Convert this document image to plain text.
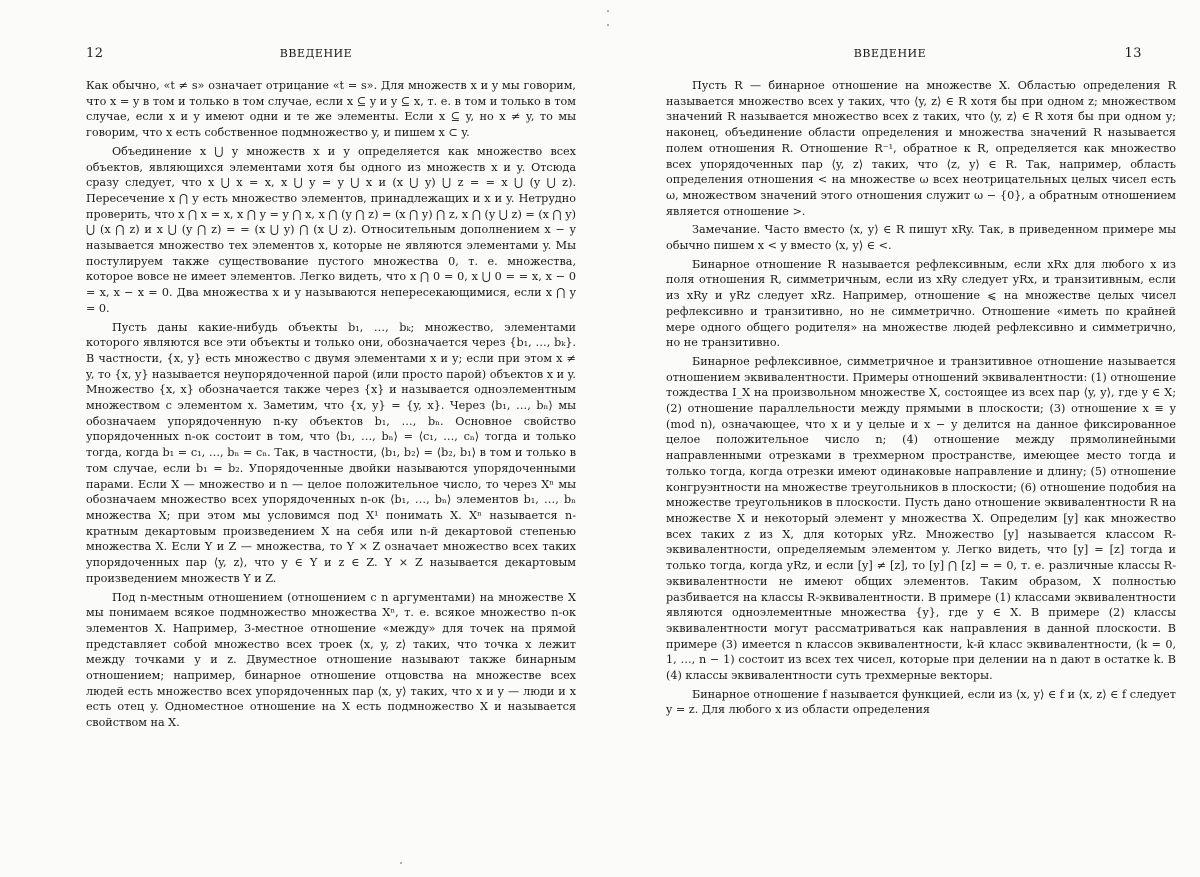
12	ВВЕДЕНИЕ

Как обычно, «t ≠ s» означает отрицание «t = s». Для множеств x и y мы говорим, что x = y в том и только в том случае, если x ⊆ y и y ⊆ x, т. е. в том и только в том случае, если x и y имеют одни и те же элементы. Если x ⊆ y, но x ≠ y, то мы говорим, что x есть собственное подмножество y, и пишем x ⊂ y.

Объединение x ⋃ y множеств x и y определяется как множество всех объектов, являющихся элементами хотя бы одного из множеств x и y. Отсюда сразу следует, что x ⋃ x = x, x ⋃ y = y ⋃ x и (x ⋃ y) ⋃ z = = x ⋃ (y ⋃ z). Пересечение x ⋂ y есть множество элементов, принадлежащих и x и y. Нетрудно проверить, что x ⋂ x = x, x ⋂ y = y ⋂ x, x ⋂ (y ⋂ z) = (x ⋂ y) ⋂ z, x ⋂ (y ⋃ z) = (x ⋂ y) ⋃ (x ⋂ z) и x ⋃ (y ⋂ z) = = (x ⋃ y) ⋂ (x ⋃ z). Относительным дополнением x − y называется множество тех элементов x, которые не являются элементами y. Мы постулируем также существование пустого множества 0, т. е. множества, которое вовсе не имеет элементов. Легко видеть, что x ⋂ 0 = 0, x ⋃ 0 = = x, x − 0 = x, x − x = 0. Два множества x и y называются непересекающимися, если x ⋂ y = 0.

Пусть даны какие-нибудь объекты b₁, …, bₖ; множество, элементами которого являются все эти объекты и только они, обозначается через {b₁, …, bₖ}. В частности, {x, y} есть множество с двумя элементами x и y; если при этом x ≠ y, то {x, y} называется неупорядоченной парой (или просто парой) объектов x и y. Множество {x, x} обозначается также через {x} и называется одноэлементным множеством с элементом x. Заметим, что {x, y} = {y, x}. Через ⟨b₁, …, bₙ⟩ мы обозначаем упорядоченную n-ку объектов b₁, …, bₙ. Основное свойство упорядоченных n-ок состоит в том, что ⟨b₁, …, bₙ⟩ = ⟨c₁, …, cₙ⟩ тогда и только тогда, когда b₁ = c₁, …, bₙ = cₙ. Так, в частности, ⟨b₁, b₂⟩ = ⟨b₂, b₁⟩ в том и только в том случае, если b₁ = b₂. Упорядоченные двойки называются упорядоченными парами. Если X — множество и n — целое положительное число, то через Xⁿ мы обозначаем множество всех упорядоченных n-ок ⟨b₁, …, bₙ⟩ элементов b₁, …, bₙ множества X; при этом мы условимся под X¹ понимать X. Xⁿ называется n-кратным декартовым произведением X на себя или n-й декартовой степенью множества X. Если Y и Z — множества, то Y × Z означает множество всех таких упорядоченных пар ⟨y, z⟩, что y ∈ Y и z ∈ Z. Y × Z называется декартовым произведением множеств Y и Z.

Под n-местным отношением (отношением с n аргументами) на множестве X мы понимаем всякое подмножество множества Xⁿ, т. е. всякое множество n-ок элементов X. Например, 3-местное отношение «между» для точек на прямой представляет собой множество всех троек ⟨x, y, z⟩ таких, что точка x лежит между точками y и z. Двуместное отношение называют также бинарным отношением; например, бинарное отношение отцовства на множестве всех людей есть множество всех упорядоченных пар ⟨x, y⟩ таких, что x и y — люди и x есть отец y. Одноместное отношение на X есть подмножество X и называется свойством на X.

ВВЕДЕНИЕ	13

Пусть R — бинарное отношение на множестве X. Областью определения R называется множество всех y таких, что ⟨y, z⟩ ∈ R хотя бы при одном z; множеством значений R называется множество всех z таких, что ⟨y, z⟩ ∈ R хотя бы при одном y; наконец, объединение области определения и множества значений R называется полем отношения R. Отношение R⁻¹, обратное к R, определяется как множество всех упорядоченных пар ⟨y, z⟩ таких, что ⟨z, y⟩ ∈ R. Так, например, область определения отношения < на множестве ω всех неотрицательных целых чисел есть ω, множеством значений этого отношения служит ω − {0}, а обратным отношением является отношение >.

Замечание. Часто вместо ⟨x, y⟩ ∈ R пишут xRy. Так, в приведенном примере мы обычно пишем x < y вместо ⟨x, y⟩ ∈ <.

Бинарное отношение R называется рефлексивным, если xRx для любого x из поля отношения R, симметричным, если из xRy следует yRx, и транзитивным, если из xRy и yRz следует xRz. Например, отношение ⩽ на множестве целых чисел рефлексивно и транзитивно, но не симметрично. Отношение «иметь по крайней мере одного общего родителя» на множестве людей рефлексивно и симметрично, но не транзитивно.

Бинарное рефлексивное, симметричное и транзитивное отношение называется отношением эквивалентности. Примеры отношений эквивалентности: (1) отношение тождества I_X на произвольном множестве X, состоящее из всех пар ⟨y, y⟩, где y ∈ X; (2) отношение параллельности между прямыми в плоскости; (3) отношение x ≡ y (mod n), означающее, что x и y целые и x − y делится на данное фиксированное целое положительное число n; (4) отношение между прямолинейными направленными отрезками в трехмерном пространстве, имеющее место тогда и только тогда, когда отрезки имеют одинаковые направление и длину; (5) отношение конгруэнтности на множестве треугольников в плоскости; (6) отношение подобия на множестве треугольников в плоскости. Пусть дано отношение эквивалентности R на множестве X и некоторый элемент y множества X. Определим [y] как множество всех таких z из X, для которых yRz. Множество [y] называется классом R-эквивалентности, определяемым элементом y. Легко видеть, что [y] = [z] тогда и только тогда, когда yRz, и если [y] ≠ [z], то [y] ⋂ [z] = = 0, т. е. различные классы R-эквивалентности не имеют общих элементов. Таким образом, X полностью разбивается на классы R-эквивалентности. В примере (1) классами эквивалентности являются одноэлементные множества {y}, где y ∈ X. В примере (2) классы эквивалентности могут рассматриваться как направления в данной плоскости. В примере (3) имеется n классов эквивалентности, k-й класс эквивалентности, (k = 0, 1, …, n − 1) состоит из всех тех чисел, которые при делении на n дают в остатке k. В (4) классы эквивалентности суть трехмерные векторы.

Бинарное отношение f называется функцией, если из ⟨x, y⟩ ∈ f и ⟨x, z⟩ ∈ f следует y = z. Для любого x из области определения
